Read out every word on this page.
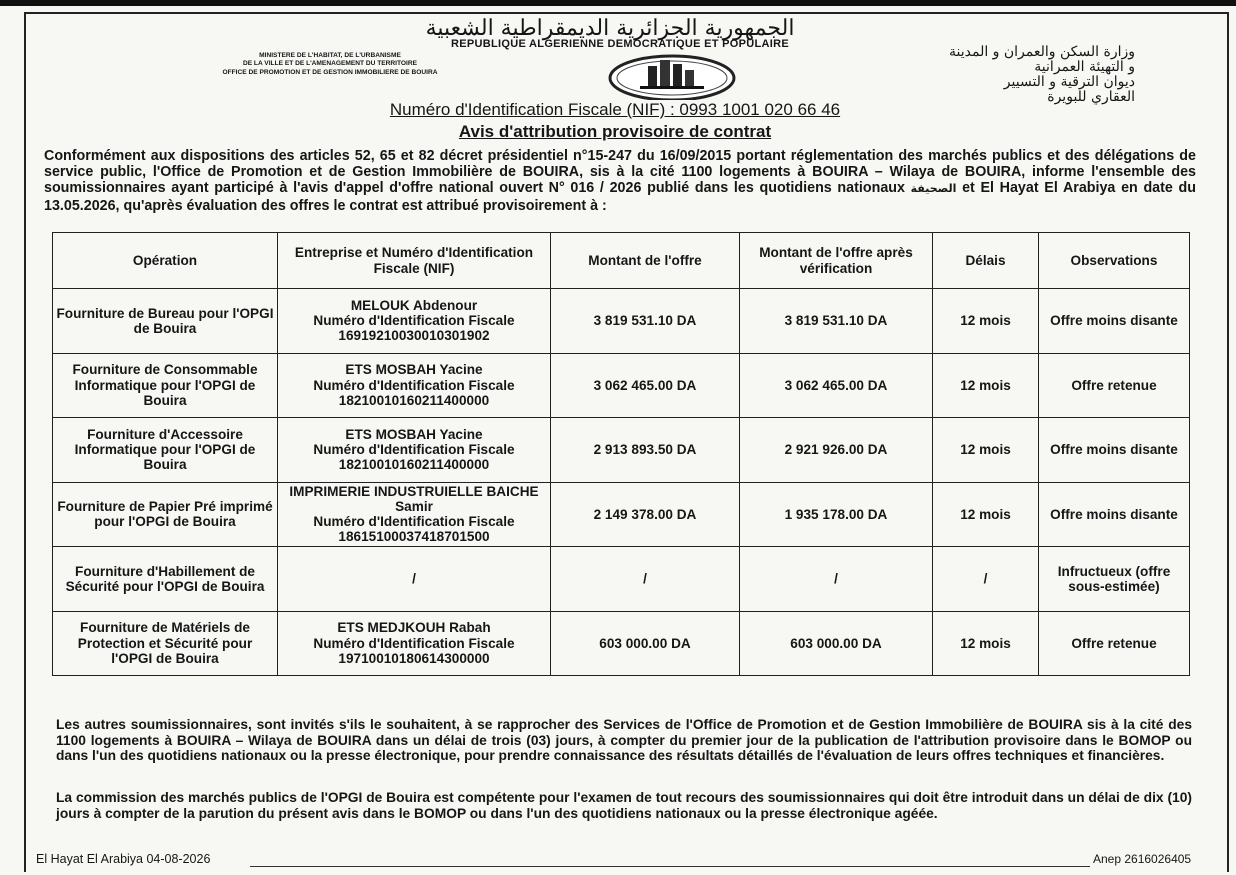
الجمهورية الجزائرية الديمقراطية الشعبية
REPUBLIQUE ALGERIENNE DEMOCRATIQUE ET POPULAIRE
MINISTERE DE L'HABITAT, DE L'URBANISME
DE LA VILLE ET DE L'AMENAGEMENT DU TERRITOIRE
OFFICE DE PROMOTION ET DE GESTION IMMOBILIERE DE BOUIRA
وزارة السكن والعمران و المدينة
و التهيئة العمرانية
ديوان الترقية و التسيير
العقاري للبويرة
Numéro d'Identification Fiscale (NIF) : 0993 1001 020 66 46
Avis d'attribution provisoire de contrat
Conformément aux dispositions des articles 52, 65 et 82 décret présidentiel n°15-247 du 16/09/2015 portant réglementation des marchés publics et des délégations de service public, l'Office de Promotion et de Gestion Immobilière de BOUIRA, sis à la cité 1100 logements à BOUIRA – Wilaya de BOUIRA, informe l'ensemble des soumissionnaires ayant participé à l'avis d'appel d'offre national ouvert N° 016 / 2026 publié dans les quotidiens nationaux الصحيفة et El Hayat El Arabiya en date du 13.05.2026, qu'après évaluation des offres le contrat est attribué provisoirement à :
Opération	Entreprise et Numéro d'Identification Fiscale (NIF)	Montant de l'offre	Montant de l'offre après vérification	Délais	Observations
Fourniture de Bureau pour l'OPGI de Bouira	MELOUK Abdenour
Numéro d'Identification Fiscale
169192100300103​01902	3 819 531.10 DA	3 819 531.10 DA	12 mois	Offre moins disante
Fourniture de Consommable Informatique pour l'OPGI de Bouira	ETS MOSBAH Yacine
Numéro d'Identification Fiscale
182100101602114​00000	3 062 465.00 DA	3 062 465.00 DA	12 mois	Offre retenue
Fourniture d'Accessoire Informatique pour l'OPGI de Bouira	ETS MOSBAH Yacine
Numéro d'Identification Fiscale
182100101602114​00000	2 913 893.50 DA	2 921 926.00 DA	12 mois	Offre moins disante
Fourniture de Papier Pré imprimé pour l'OPGI de Bouira	IMPRIMERIE INDUSTRUIELLE BAICHE Samir
Numéro d'Identification Fiscale
186151000374187​01500	2 149 378.00 DA	1 935 178.00 DA	12 mois	Offre moins disante
Fourniture d'Habillement de Sécurité pour l'OPGI de Bouira	/	/	/	/	Infructueux (offre sous-estimée)
Fourniture de Matériels de Protection et Sécurité pour l'OPGI de Bouira	ETS MEDJKOUH Rabah
Numéro d'Identification Fiscale
197100101806143​00000	603 000.00 DA	603 000.00 DA	12 mois	Offre retenue
Les autres soumissionnaires, sont invités s'ils le souhaitent, à se rapprocher des Services de l'Office de Promotion et de Gestion Immobilière de BOUIRA sis à la cité des 1100 logements à BOUIRA – Wilaya de BOUIRA dans un délai de trois (03) jours, à compter du premier jour de la publication de l'attribution provisoire dans le BOMOP ou dans l'un des quotidiens nationaux ou la presse électronique, pour prendre connaissance des résultats détaillés de l'évaluation de leurs offres techniques et financières.
La commission des marchés publics de l'OPGI de Bouira est compétente pour l'examen de tout recours des soumissionnaires qui doit être introduit dans un délai de dix (10) jours à compter de la parution du présent avis dans le BOMOP ou dans l'un des quotidiens nationaux ou la presse électronique agéée.
El Hayat El Arabiya 04-08-2026	Anep 2616026405
